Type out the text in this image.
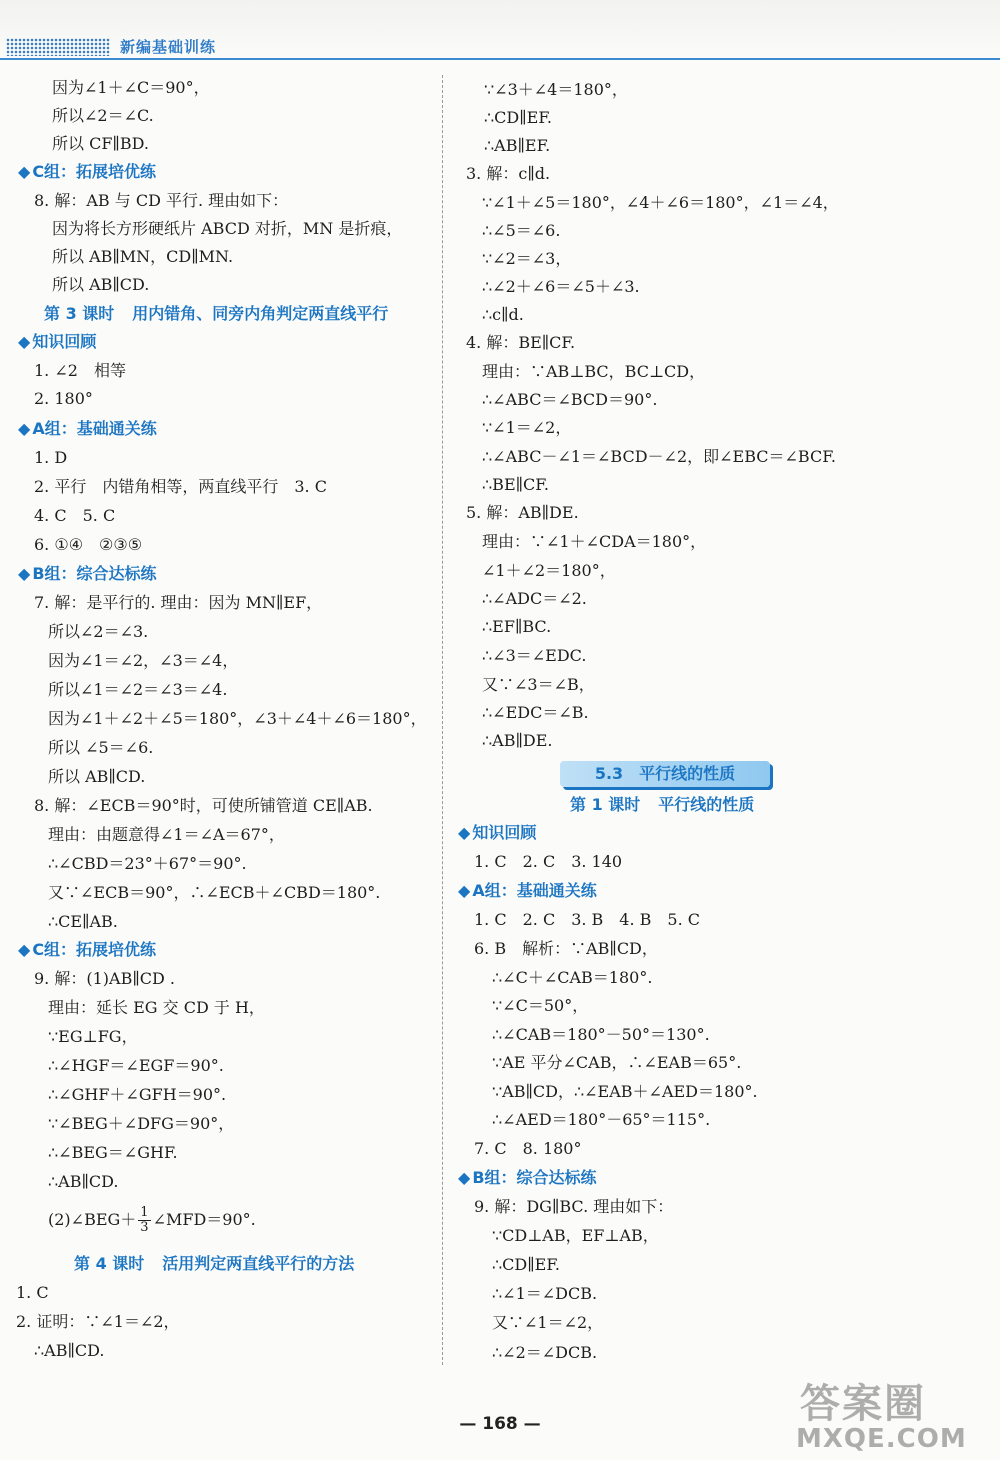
新编基础训练
因为∠1＋∠C＝90°，
所以∠2＝∠C.
所以 CF∥BD.
◆ C组：拓展培优练
8. 解：AB 与 CD 平行. 理由如下：
因为将长方形硬纸片 ABCD 对折，MN 是折痕，
所以 AB∥MN，CD∥MN.
所以 AB∥CD.
第 3 课时 用内错角、同旁内角判定两直线平行
◆ 知识回顾
1. ∠2　相等
2. 180°
◆ A组：基础通关练
1. D
2. 平行　内错角相等，两直线平行　3. C
4. C　5. C
6. ①④　②③⑤
◆ B组：综合达标练
7. 解：是平行的. 理由：因为 MN∥EF，
所以∠2＝∠3.
因为∠1＝∠2，∠3＝∠4，
所以∠1＝∠2＝∠3＝∠4.
因为∠1＋∠2＋∠5＝180°，∠3＋∠4＋∠6＝180°，
所以 ∠5＝∠6.
所以 AB∥CD.
8. 解：∠ECB＝90°时，可使所铺管道 CE∥AB.
理由：由题意得∠1＝∠A＝67°，
∴∠CBD＝23°＋67°＝90°.
又∵∠ECB＝90°，∴∠ECB＋∠CBD＝180°.
∴CE∥AB.
◆ C组：拓展培优练
9. 解：(1)AB∥CD .
理由：延长 EG 交 CD 于 H，
∵EG⊥FG，
∴∠HGF＝∠EGF＝90°.
∴∠GHF＋∠GFH＝90°.
∵∠BEG＋∠DFG＝90°，
∴∠BEG＝∠GHF.
∴AB∥CD.
(2)∠BEG＋ $\frac{1}{3}$ ∠MFD＝90°.
第 4 课时 活用判定两直线平行的方法
1. C
2. 证明：∵∠1＝∠2，
∴AB∥CD.
∵∠3＋∠4＝180°，
∴CD∥EF.
∴AB∥EF.
3. 解：c∥d.
∵∠1＋∠5＝180°，∠4＋∠6＝180°，∠1＝∠4，
∴∠5＝∠6.
∵∠2＝∠3，
∴∠2＋∠6＝∠5＋∠3.
∴c∥d.
4. 解：BE∥CF.
理由：∵AB⊥BC，BC⊥CD，
∴∠ABC＝∠BCD＝90°.
∵∠1＝∠2，
∴∠ABC－∠1＝∠BCD－∠2，即∠EBC＝∠BCF.
∴BE∥CF.
5. 解：AB∥DE.
理由：∵∠1＋∠CDA＝180°，
∠1＋∠2＝180°，
∴∠ADC＝∠2.
∴EF∥BC.
∴∠3＝∠EDC.
又∵∠3＝∠B，
∴∠EDC＝∠B.
∴AB∥DE.
5.3　 平行线的性质
第 1 课时 平行线的性质
◆ 知识回顾
1. C　2. C　3. 140
◆ A组：基础通关练
1. C　2. C　3. B　4. B　5. C
6. B　解析：∵AB∥CD，
∴∠C＋∠CAB＝180°.
∵∠C＝50°，
∴∠CAB＝180°－50°＝130°.
∵AE 平分∠CAB，∴∠EAB＝65°.
∵AB∥CD，∴∠EAB＋∠AED＝180°.
∴∠AED＝180°－65°＝115°.
7. C　8. 180°
◆ B组：综合达标练
9. 解：DG∥BC. 理由如下：
∵CD⊥AB，EF⊥AB，
∴CD∥EF.
∴∠1＝∠DCB.
又∵∠1＝∠2，
∴∠2＝∠DCB.
— 168 —	答案圈
MXQE.COM
